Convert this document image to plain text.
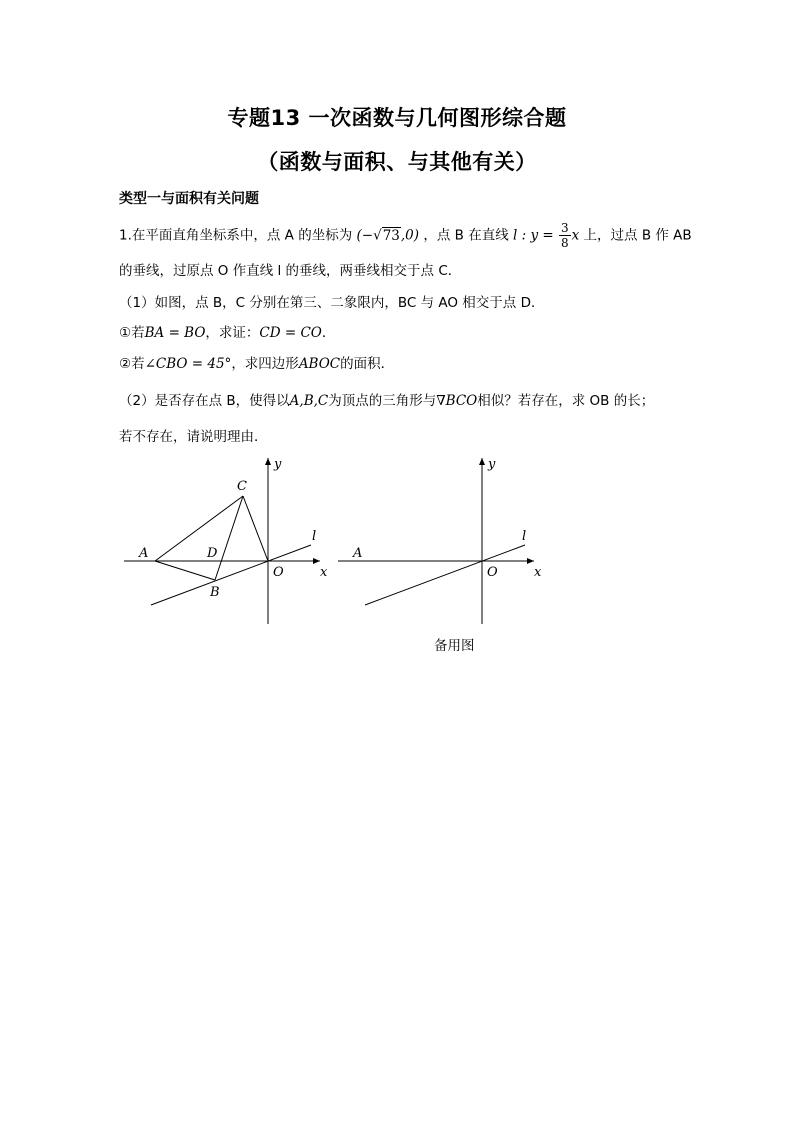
专题13 一次函数与几何图形综合题
（函数与面积、与其他有关）
类型一与面积有关问题
1.在平面直角坐标系中，点 A 的坐标为 (−√73,0) ，点 B 在直线 l : $y = \frac{3}{8}$ x 上，过点 B 作 AB
的垂线，过原点 O 作直线 l 的垂线，两垂线相交于点 C．
（1）如图，点 B，C 分别在第三、二象限内，BC 与 AO 相交于点 D．
①若BA = BO，求证：CD = CO．
②若∠CBO = 45°，求四边形ABOC的面积．
（2）是否存在点 B，使得以A,B,C为顶点的三角形与∇BCO相似？若存在，求 OB 的长；
若不存在，请说明理由．
y
x
O
A
B
C
D
l
y
x
O
A
l
备用图
